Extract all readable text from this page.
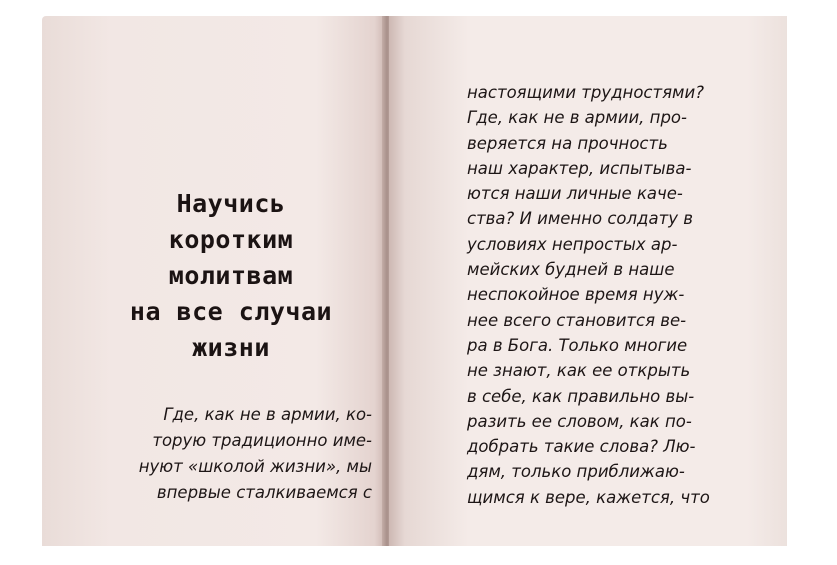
Научись
коротким
молитвам
на все случаи
жизни
Где, как не в армии, ко-
торую традиционно име-
нуют «школой жизни», мы
впервые сталкиваемся с
настоящими трудностями?
Где, как не в армии, про-
веряется на прочность
наш характер, испытыва-
ются наши личные каче-
ства? И именно солдату в
условиях непростых ар-
мейских будней в наше
неспокойное время нуж-
нее всего становится ве-
ра в Бога. Только многие
не знают, как ее открыть
в себе, как правильно вы-
разить ее словом, как по-
добрать такие слова? Лю-
дям, только приближаю-
щимся к вере, кажется, что
